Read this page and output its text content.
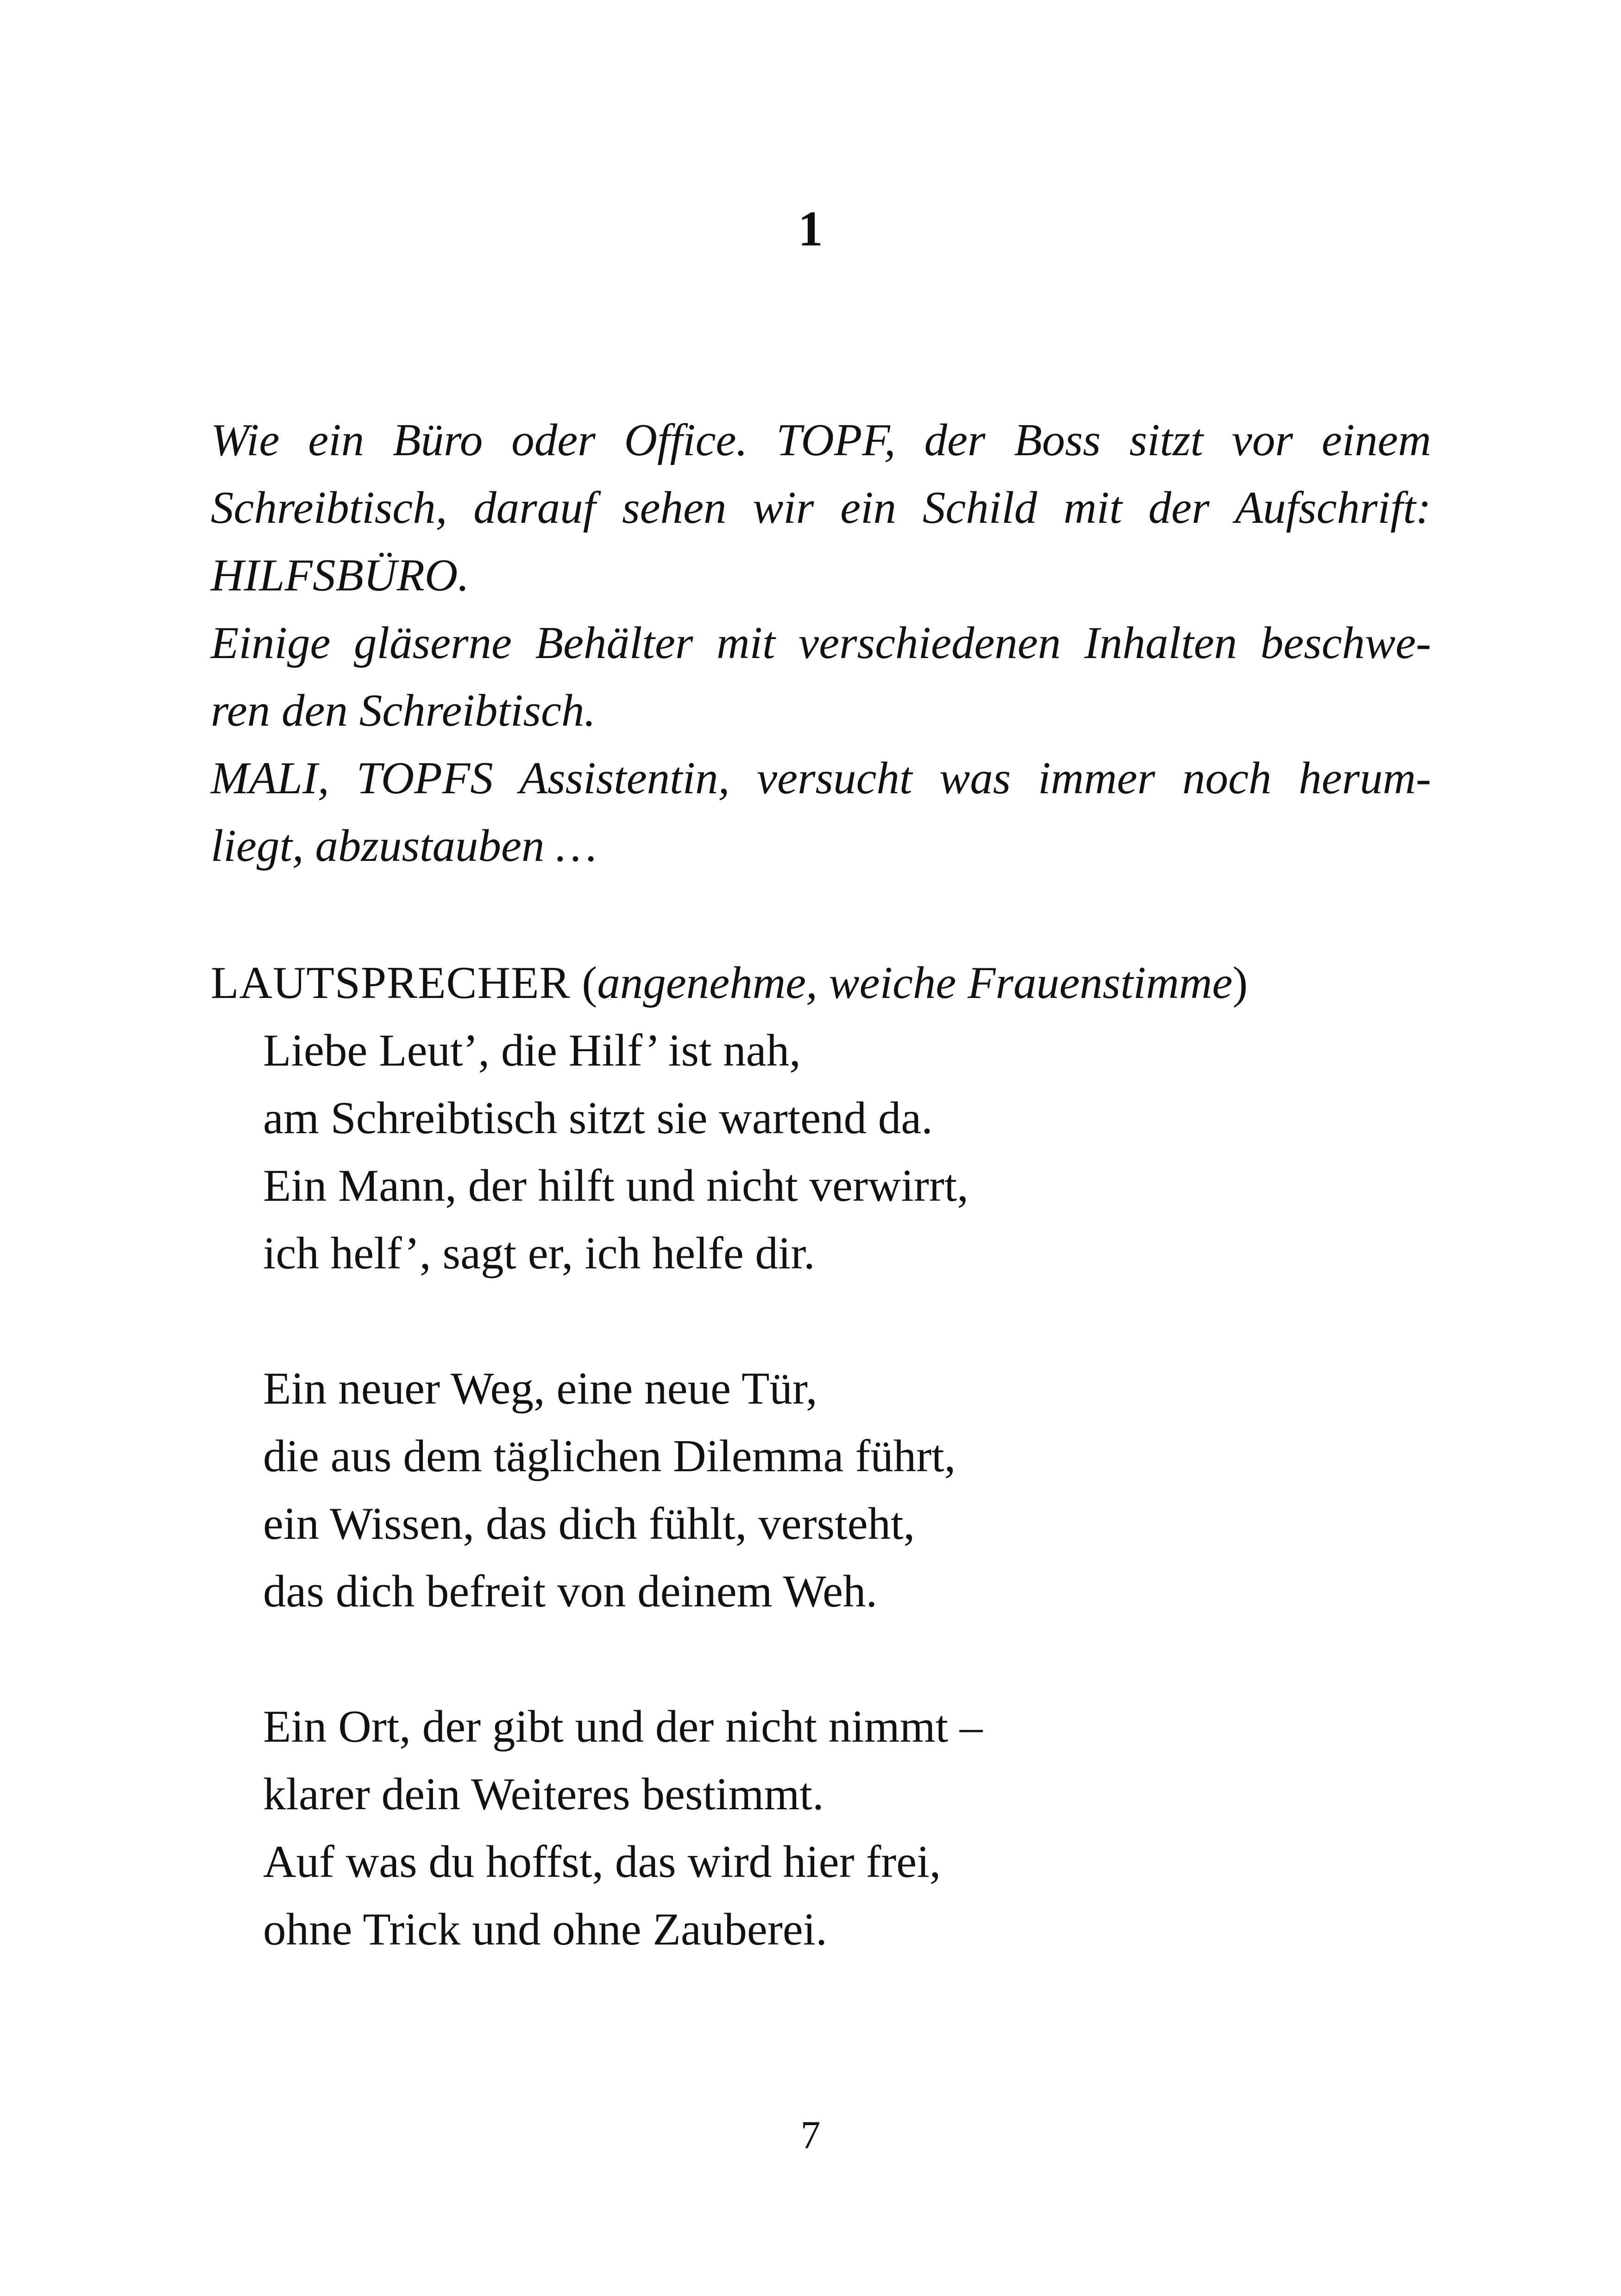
1
Wie ein Büro oder Office. TOPF, der Boss sitzt vor einem
Schreibtisch, darauf sehen wir ein Schild mit der Aufschrift:
HILFSBÜRO.
Einige gläserne Behälter mit verschiedenen Inhalten beschwe-
ren den Schreibtisch.
MALI, TOPFS Assistentin, versucht was immer noch herum-
liegt, abzustauben …
LAUTSPRECHER (angenehme, weiche Frauenstimme)
Liebe Leut’, die Hilf’ ist nah,
am Schreibtisch sitzt sie wartend da.
Ein Mann, der hilft und nicht verwirrt,
ich helf’, sagt er, ich helfe dir.
Ein neuer Weg, eine neue Tür,
die aus dem täglichen Dilemma führt,
ein Wissen, das dich fühlt, versteht,
das dich befreit von deinem Weh.
Ein Ort, der gibt und der nicht nimmt –
klarer dein Weiteres bestimmt.
Auf was du hoffst, das wird hier frei,
ohne Trick und ohne Zauberei.
7
